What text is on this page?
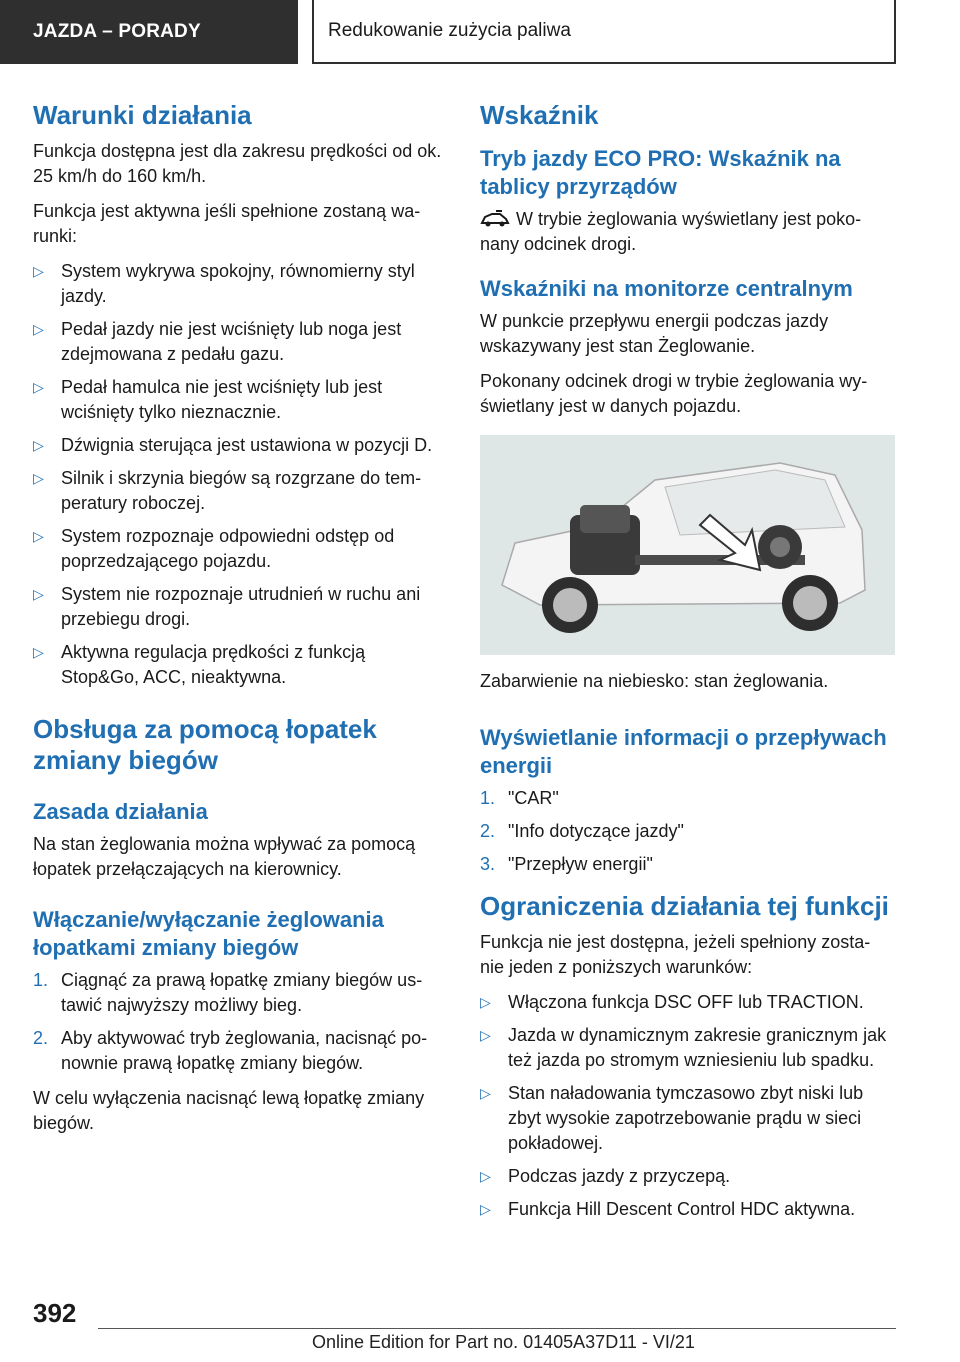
JAZDA – PORADY	Redukowanie zużycia paliwa
Warunki działania

Funkcja dostępna jest dla zakresu prędkości od ok. 25 km/h do 160 km/h.

Funkcja jest aktywna jeśli spełnione zostaną wa‐ runki:

▷ System wykrywa spokojny, równomierny styl jazdy.
▷ Pedał jazdy nie jest wciśnięty lub noga jest zdejmowana z pedału gazu.
▷ Pedał hamulca nie jest wciśnięty lub jest wciśnięty tylko nieznacznie.
▷ Dźwignia sterująca jest ustawiona w pozycji D.
▷ Silnik i skrzynia biegów są rozgrzane do tem‐ peratury roboczej.
▷ System rozpoznaje odpowiedni odstęp od poprzedzającego pojazdu.
▷ System nie rozpoznaje utrudnień w ruchu ani przebiegu drogi.
▷ Aktywna regulacja prędkości z funkcją Stop&Go, ACC, nieaktywna.
Obsługa za pomocą łopatek zmiany biegów
Zasada działania

Na stan żeglowania można wpływać za pomocą łopatek przełączających na kierownicy.

Włączanie/wyłączanie żeglowania łopatkami zmiany biegów
1. Ciągnąć za prawą łopatkę zmiany biegów us‐ tawić najwyższy możliwy bieg.
2. Aby aktywować tryb żeglowania, nacisnąć po‐ nownie prawą łopatkę zmiany biegów.

W celu wyłączenia nacisnąć lewą łopatkę zmiany biegów.

Wskaźnik
Tryb jazdy ECO PRO: Wskaźnik na tablicy przyrządów

W trybie żeglowania wyświetlany jest poko‐ nany odcinek drogi.

Wskaźniki na monitorze centralnym

W punkcie przepływu energii podczas jazdy wskazywany jest stan Żeglowanie.

Pokonany odcinek drogi w trybie żeglowania wy‐ świetlany jest w danych pojazdu.

Zabarwienie na niebiesko: stan żeglowania.

Wyświetlanie informacji o przepływach energii
1. "CAR"
2. "Info dotyczące jazdy"
3. "Przepływ energii"
Ograniczenia działania tej funkcji

Funkcja nie jest dostępna, jeżeli spełniony zosta‐ nie jeden z poniższych warunków:

▷ Włączona funkcja DSC OFF lub TRACTION.
▷ Jazda w dynamicznym zakresie granicznym jak też jazda po stromym wzniesieniu lub spadku.
▷ Stan naładowania tymczasowo zbyt niski lub zbyt wysokie zapotrzebowanie prądu w sieci pokładowej.
▷ Podczas jazdy z przyczepą.
▷ Funkcja Hill Descent Control HDC aktywna.
392
Online Edition for Part no. 01405A37D11 - VI/21
